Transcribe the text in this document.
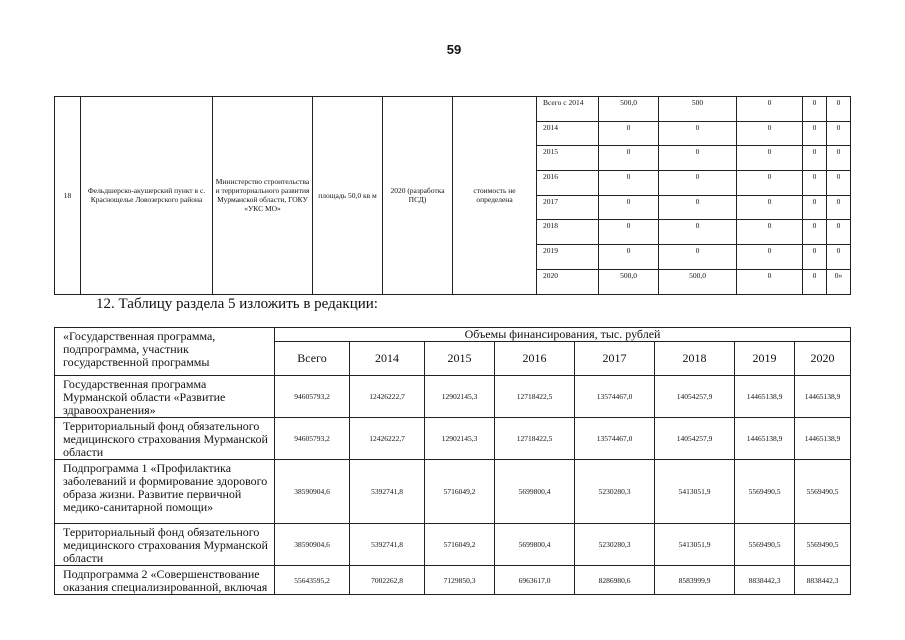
59
18	Фельдшерско-акушерский пункт в с. Краснощелье Ловозерского района	Министерство строительства и территориального развития Мурманской области, ГОКУ «УКС МО»	площадь 50,0 кв м	2020 (разработка ПСД)	стоимость не определена	Всего с 2014	500,0	500	0	0	0
						2014	0	0	0	0	0
						2015	0	0	0	0	0
						2016	0	0	0	0	0
						2017	0	0	0	0	0
						2018	0	0	0	0	0
						2019	0	0	0	0	0
						2020	500,0	500,0	0	0	0»
12. Таблицу раздела 5 изложить в редакции:
«Государственная программа, подпрограмма, участник государственной программы	Объемы финансирования, тыс. рублей							
	Всего	2014	2015	2016	2017	2018	2019	2020
Государственная программа Мурманской области «Развитие здравоохранения»	94605793,2	12426222,7	12902145,3	12718422,5	13574467,0	14054257,9	14465138,9	14465138,9
Территориальный фонд обязательного медицинского страхования Мурманской области	94605793,2	12426222,7	12902145,3	12718422,5	13574467,0	14054257,9	14465138,9	14465138,9
Подпрограмма 1 «Профилактика заболеваний и формирование здорового образа жизни. Развитие первичной медико-санитарной помощи»	38590904,6	5392741,8	5716049,2	5699800,4	5230280,3	5413051,9	5569490,5	5569490,5
Территориальный фонд обязательного медицинского страхования Мурманской области	38590904,6	5392741,8	5716049,2	5699800,4	5230280,3	5413051,9	5569490,5	5569490,5
Подпрограмма 2 «Совершенствование оказания специализированной, включая	55643595,2	7002262,8	7129850,3	6963617,0	8286980,6	8583999,9	8838442,3	8838442,3
